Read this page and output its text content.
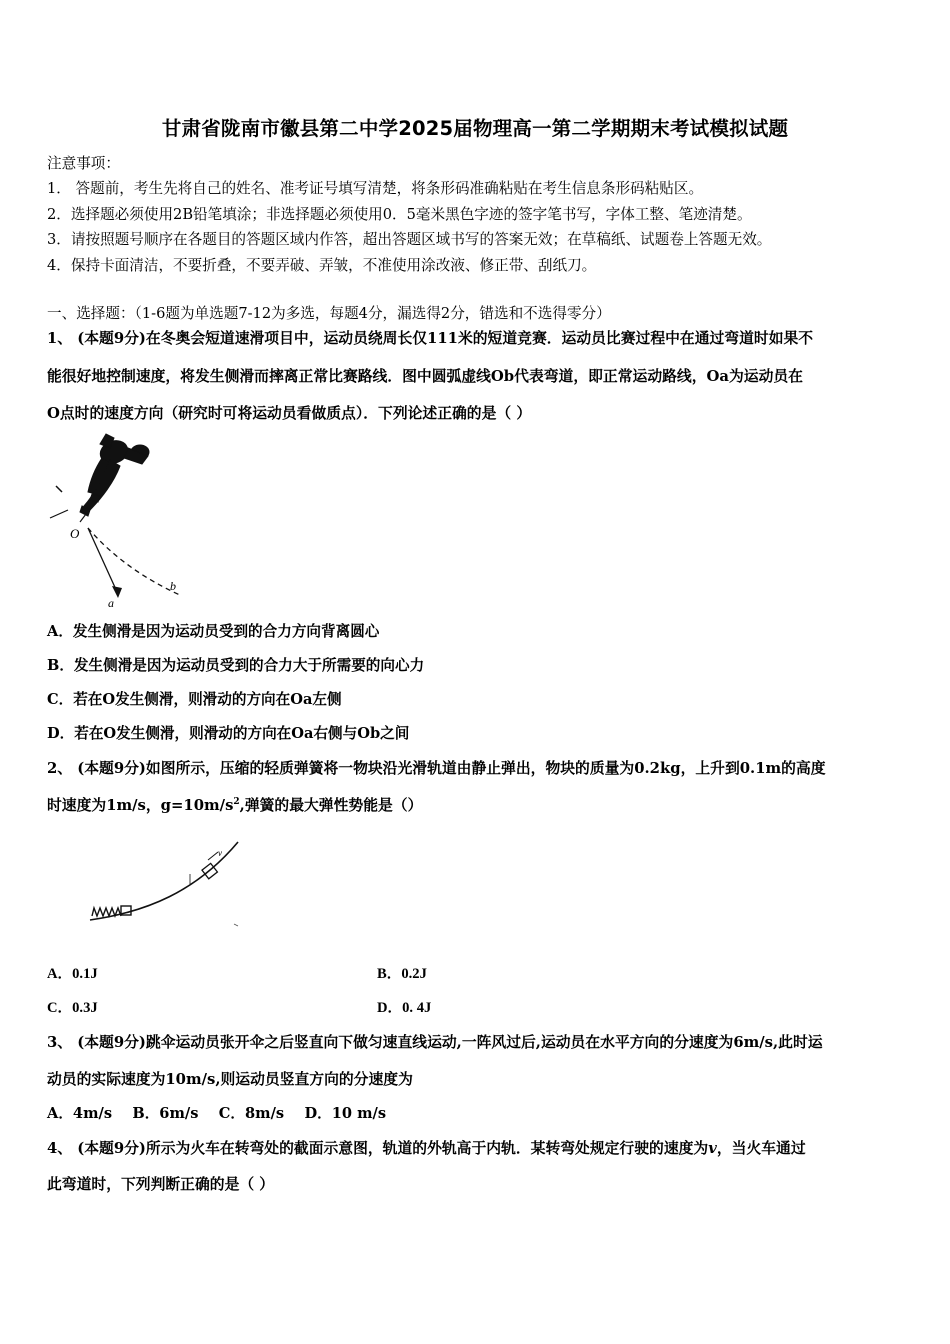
甘肃省陇南市徽县第二中学2025届物理高一第二学期期末考试模拟试题
注意事项：
1． 答题前，考生先将自己的姓名、准考证号填写清楚，将条形码准确粘贴在考生信息条形码粘贴区。
2．选择题必须使用2B铅笔填涂；非选择题必须使用0．5毫米黑色字迹的签字笔书写，字体工整、笔迹清楚。
3．请按照题号顺序在各题目的答题区域内作答，超出答题区域书写的答案无效；在草稿纸、试题卷上答题无效。
4．保持卡面清洁，不要折叠，不要弄破、弄皱，不准使用涂改液、修正带、刮纸刀。
一、选择题：（1-6题为单选题7-12为多选，每题4分，漏选得2分，错选和不选得零分）
1、 (本题9分)在冬奥会短道速滑项目中，运动员绕周长仅111米的短道竞赛．运动员比赛过程中在通过弯道时如果不
能很好地控制速度，将发生侧滑而摔离正常比赛路线．图中圆弧虚线Ob代表弯道，即正常运动路线，Oa为运动员在
O点时的速度方向（研究时可将运动员看做质点）．下列论述正确的是（ ）
O
a
b
A．发生侧滑是因为运动员受到的合力方向背离圆心
B．发生侧滑是因为运动员受到的合力大于所需要的向心力
C．若在O发生侧滑，则滑动的方向在Oa左侧
D．若在O发生侧滑，则滑动的方向在Oa右侧与Ob之间
2、 (本题9分)如图所示，压缩的轻质弹簧将一物块沿光滑轨道由静止弹出，物块的质量为0.2kg，上升到0.1m的高度
时速度为1m/s，$g=10m/s^2$,弹簧的最大弹性势能是（）
v
A．0.1J	B．0.2J
C．0.3J	D．0. 4J
3、 (本题9分)跳伞运动员张开伞之后竖直向下做匀速直线运动,一阵风过后,运动员在水平方向的分速度为6m/s,此时运
动员的实际速度为10m/s,则运动员竖直方向的分速度为
A．4m/s    B．6m/s    C．8m/s    D．10 m/s
4、 (本题9分)所示为火车在转弯处的截面示意图，轨道的外轨高于内轨．某转弯处规定行驶的速度为v，当火车通过
此弯道时，下列判断正确的是（ ）
